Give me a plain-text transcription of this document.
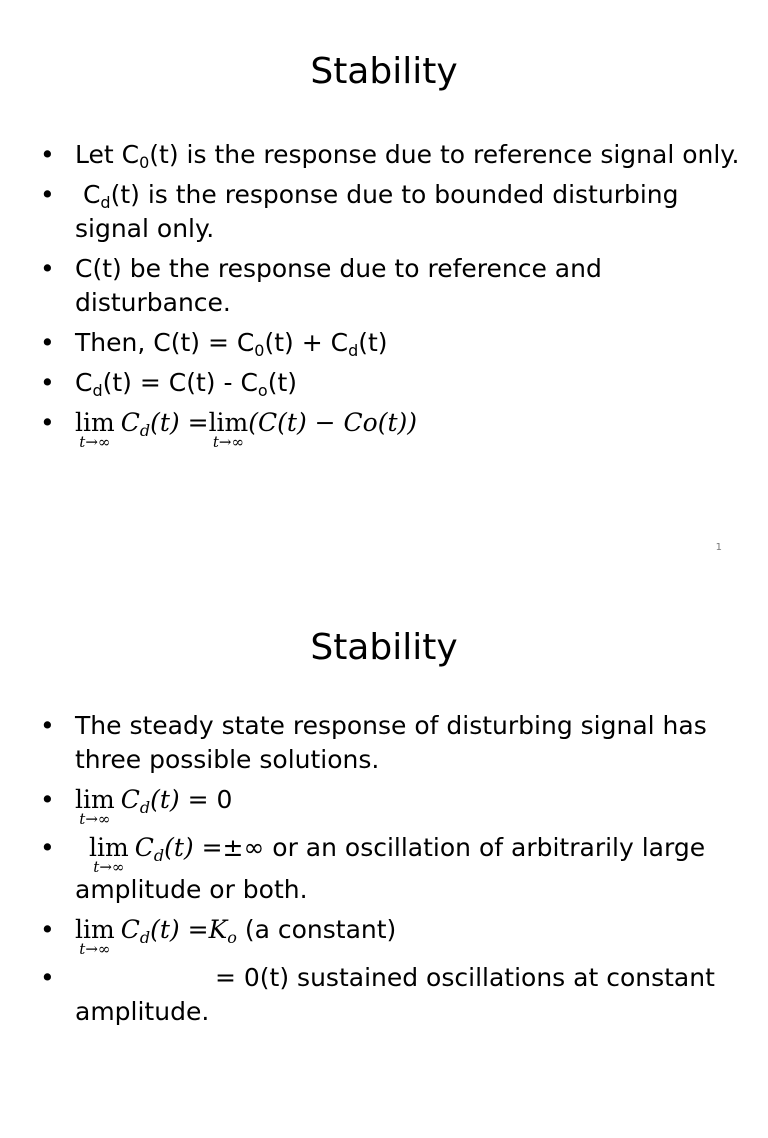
Stability
• Let $C_0(t)$ is the response due to reference signal only.
• $C_d(t)$ is the response due to bounded disturbing signal only.
• C(t) be the response due to reference and disturbance.
• Then, $C(t) = C_0(t) + C_d(t)$
• $C_d(t) = C(t) - C_o(t)$
• lim
t→∞
$C_d(t) = \lim$
t→∞
(C(t) − Co(t))
1
Stability
• The steady state response of disturbing signal has three possible solutions.
• lim
t→∞
$C_d(t) = 0$
• lim
t→∞
$C_d(t)$ =±∞ or an oscillation of arbitrarily large amplitude or both.
• lim
t→∞
$C_d(t) =K_o$ (a constant)
•	= 0(t) sustained oscillations at constant amplitude.
